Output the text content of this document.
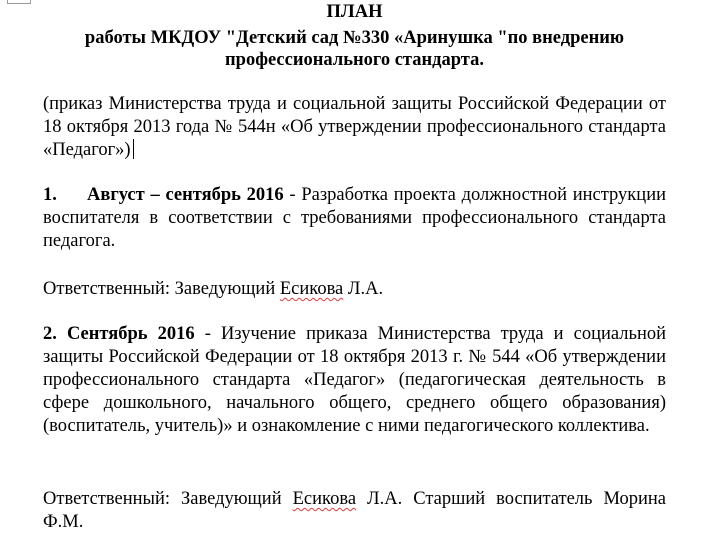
ПЛАН

работы МКДОУ "Детский сад №330 «Аринушка "по внедрению

профессионального стандарта.

(приказ Министерства труда и социальной защиты Российской Федерации от 18 октября 2013 года № 544н «Об утверждении профессионального стандарта «Педагог»)

1. Август – сентябрь 2016 - Разработка проекта должностной инструкции воспитателя в соответствии с требованиями профессионального стандарта педагога.

Ответственный: Заведующий Есикова Л.А.

2. Сентябрь 2016 - Изучение приказа Министерства труда и социальной защиты Российской Федерации от 18 октября 2013 г. № 544 «Об утверждении профессионального стандарта «Педагог» (педагогическая деятельность в сфере дошкольного, начального общего, среднего общего образования) (воспитатель, учитель)» и ознакомление с ними педагогического коллектива.

Ответственный: Заведующий Есикова Л.А. Старший воспитатель Морина Ф.М.
